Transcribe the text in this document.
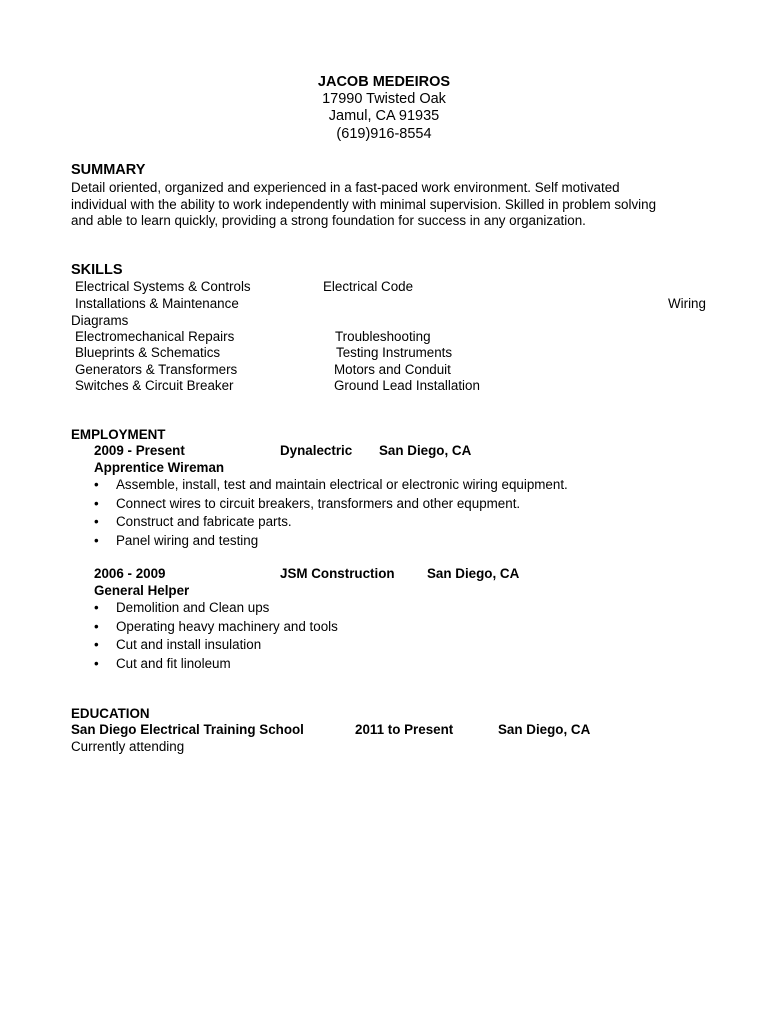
JACOB MEDEIROS
17990 Twisted Oak
Jamul, CA 91935
(619)916-8554
SUMMARY
Detail oriented, organized and experienced in a fast-paced work environment. Self motivated
individual with the ability to work independently with minimal supervision. Skilled in problem solving
and able to learn quickly, providing a strong foundation for success in any organization.
SKILLS
Electrical Systems & Controls	Electrical Code
Installations & Maintenance	Wiring
Diagrams
Electromechanical Repairs	Troubleshooting
Blueprints & Schematics	Testing Instruments
Generators & Transformers	Motors and Conduit
Switches & Circuit Breaker	Ground Lead Installation
EMPLOYMENT
2009 - Present	Dynalectric San Diego, CA
Apprentice Wireman
• Assemble, install, test and maintain electrical or electronic wiring equipment.
• Connect wires to circuit breakers, transformers and other equpment.
• Construct and fabricate parts.
• Panel wiring and testing
2006 - 2009	JSM Construction San Diego, CA
General Helper
• Demolition and Clean ups
• Operating heavy machinery and tools
• Cut and install insulation
• Cut and fit linoleum
EDUCATION
San Diego Electrical Training School	2011 to Present	San Diego, CA
Currently attending
